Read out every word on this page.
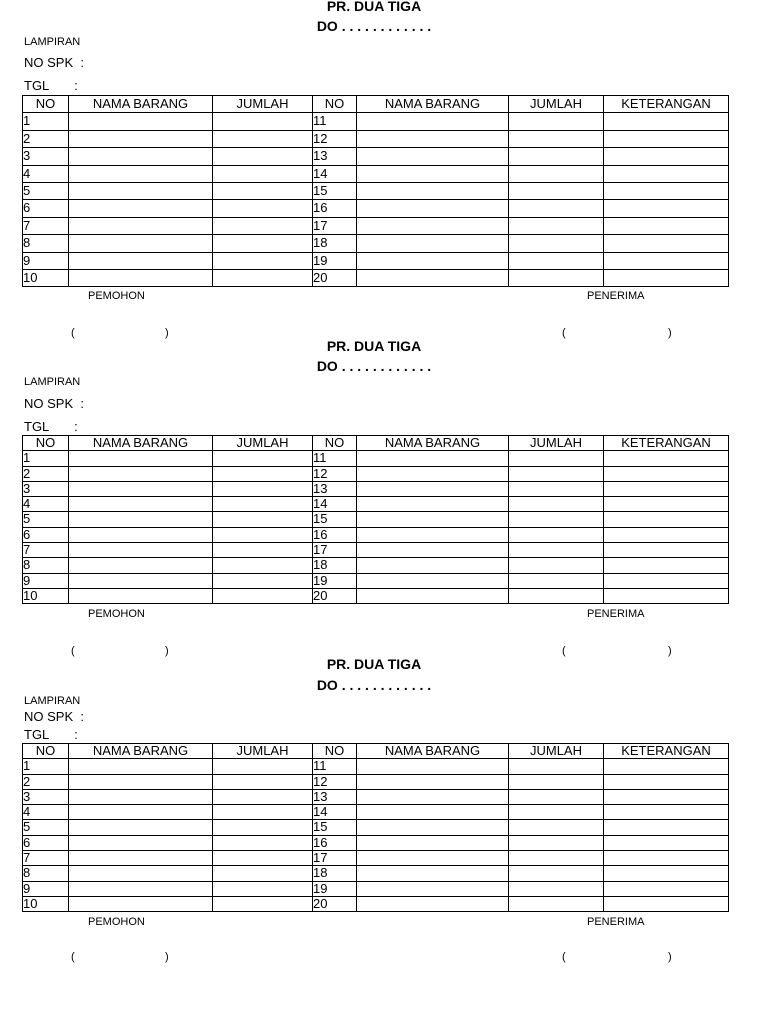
PR. DUA TIGA
DO . . . . . . . . . . . .
LAMPIRAN
NO SPK  :
TGL       :
NO	NAMA BARANG	JUMLAH	NO	NAMA BARANG	JUMLAH	KETERANGAN
1			11			
2			12			
3			13			
4			14			
5			15			
6			16			
7			17			
8			18			
9			19			
10			20			
PEMOHON	PENERIMA
(	)	(	)
PR. DUA TIGA
DO . . . . . . . . . . . .
LAMPIRAN
NO SPK  :
TGL       :
NO	NAMA BARANG	JUMLAH	NO	NAMA BARANG	JUMLAH	KETERANGAN
1			11			
2			12			
3			13			
4			14			
5			15			
6			16			
7			17			
8			18			
9			19			
10			20			
PEMOHON	PENERIMA
(	)	(	)
PR. DUA TIGA
DO . . . . . . . . . . . .
LAMPIRAN
NO SPK  :
TGL       :
NO	NAMA BARANG	JUMLAH	NO	NAMA BARANG	JUMLAH	KETERANGAN
1			11			
2			12			
3			13			
4			14			
5			15			
6			16			
7			17			
8			18			
9			19			
10			20			
PEMOHON	PENERIMA
(	)	(	)
